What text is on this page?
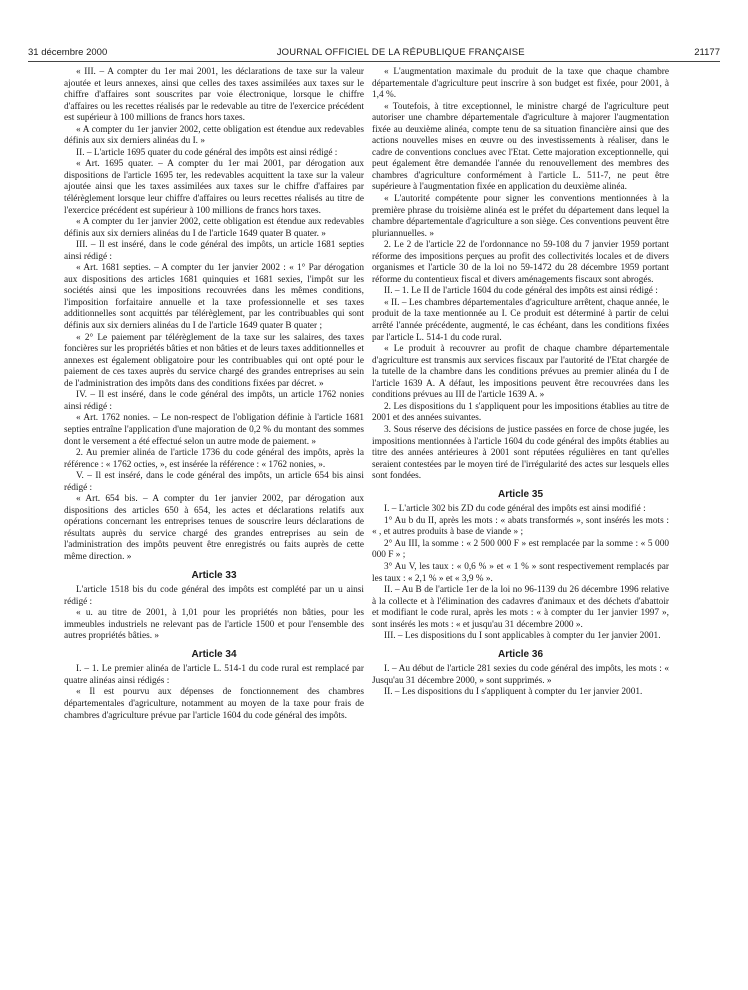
31 décembre 2000	JOURNAL OFFICIEL DE LA RÉPUBLIQUE FRANÇAISE	21177

« III. – A compter du 1er mai 2001, les déclarations de taxe sur la valeur ajoutée et leurs annexes, ainsi que celles des taxes assimilées aux taxes sur le chiffre d'affaires sont souscrites par voie électronique, lorsque le chiffre d'affaires ou les recettes réalisés par le redevable au titre de l'exercice précédent est supérieur à 100 millions de francs hors taxes.

« A compter du 1er janvier 2002, cette obligation est étendue aux redevables définis aux six derniers alinéas du I. »

II. – L'article 1695 quater du code général des impôts est ainsi rédigé :

« Art. 1695 quater. – A compter du 1er mai 2001, par dérogation aux dispositions de l'article 1695 ter, les redevables acquittent la taxe sur la valeur ajoutée ainsi que les taxes assimilées aux taxes sur le chiffre d'affaires par télérèglement lorsque leur chiffre d'affaires ou leurs recettes réalisés au titre de l'exercice précédent est supérieur à 100 millions de francs hors taxes.

« A compter du 1er janvier 2002, cette obligation est étendue aux redevables définis aux six derniers alinéas du I de l'article 1649 quater B quater. »

III. – Il est inséré, dans le code général des impôts, un article 1681 septies ainsi rédigé :

« Art. 1681 septies. – A compter du 1er janvier 2002 : « 1° Par dérogation aux dispositions des articles 1681 quinquies et 1681 sexies, l'impôt sur les sociétés ainsi que les impositions recouvrées dans les mêmes conditions, l'imposition forfaitaire annuelle et la taxe professionnelle et ses taxes additionnelles sont acquittés par télérèglement, par les contribuables qui sont définis aux six derniers alinéas du I de l'article 1649 quater B quater ;

« 2° Le paiement par télérèglement de la taxe sur les salaires, des taxes foncières sur les propriétés bâties et non bâties et de leurs taxes additionnelles et annexes est également obligatoire pour les contribuables qui ont opté pour le paiement de ces taxes auprès du service chargé des grandes entreprises au sein de l'administration des impôts dans des conditions fixées par décret. »

IV. – Il est inséré, dans le code général des impôts, un article 1762 nonies ainsi rédigé :

« Art. 1762 nonies. – Le non-respect de l'obligation définie à l'article 1681 septies entraîne l'application d'une majoration de 0,2 % du montant des sommes dont le versement a été effectué selon un autre mode de paiement. »

2. Au premier alinéa de l'article 1736 du code général des impôts, après la référence : « 1762 octies, », est insérée la référence : « 1762 nonies, ».

V. – Il est inséré, dans le code général des impôts, un article 654 bis ainsi rédigé :

« Art. 654 bis. – A compter du 1er janvier 2002, par dérogation aux dispositions des articles 650 à 654, les actes et déclarations relatifs aux opérations concernant les entreprises tenues de souscrire leurs déclarations de résultats auprès du service chargé des grandes entreprises au sein de l'administration des impôts peuvent être enregistrés ou faits auprès de cette même direction. »

Article 33

L'article 1518 bis du code général des impôts est complété par un u ainsi rédigé :

« u. au titre de 2001, à 1,01 pour les propriétés non bâties, pour les immeubles industriels ne relevant pas de l'article 1500 et pour l'ensemble des autres propriétés bâties. »

Article 34

I. – 1. Le premier alinéa de l'article L. 514-1 du code rural est remplacé par quatre alinéas ainsi rédigés :

« Il est pourvu aux dépenses de fonctionnement des chambres départementales d'agriculture, notamment au moyen de la taxe pour frais de chambres d'agriculture prévue par l'article 1604 du code général des impôts.

« L'augmentation maximale du produit de la taxe que chaque chambre départementale d'agriculture peut inscrire à son budget est fixée, pour 2001, à 1,4 %.

« Toutefois, à titre exceptionnel, le ministre chargé de l'agriculture peut autoriser une chambre départementale d'agriculture à majorer l'augmentation fixée au deuxième alinéa, compte tenu de sa situation financière ainsi que des actions nouvelles mises en œuvre ou des investissements à réaliser, dans le cadre de conventions conclues avec l'Etat. Cette majoration exceptionnelle, qui peut également être demandée l'année du renouvellement des membres des chambres d'agriculture conformément à l'article L. 511-7, ne peut être supérieure à l'augmentation fixée en application du deuxième alinéa.

« L'autorité compétente pour signer les conventions mentionnées à la première phrase du troisième alinéa est le préfet du département dans lequel la chambre départementale d'agriculture a son siège. Ces conventions peuvent être pluriannuelles. »

2. Le 2 de l'article 22 de l'ordonnance no 59-108 du 7 janvier 1959 portant réforme des impositions perçues au profit des collectivités locales et de divers organismes et l'article 30 de la loi no 59-1472 du 28 décembre 1959 portant réforme du contentieux fiscal et divers aménagements fiscaux sont abrogés.

II. – 1. Le II de l'article 1604 du code général des impôts est ainsi rédigé :

« II. – Les chambres départementales d'agriculture arrêtent, chaque année, le produit de la taxe mentionnée au I. Ce produit est déterminé à partir de celui arrêté l'année précédente, augmenté, le cas échéant, dans les conditions fixées par l'article L. 514-1 du code rural.

« Le produit à recouvrer au profit de chaque chambre départementale d'agriculture est transmis aux services fiscaux par l'autorité de l'Etat chargée de la tutelle de la chambre dans les conditions prévues au premier alinéa du I de l'article 1639 A. A défaut, les impositions peuvent être recouvrées dans les conditions prévues au III de l'article 1639 A. »

2. Les dispositions du 1 s'appliquent pour les impositions établies au titre de 2001 et des années suivantes.

3. Sous réserve des décisions de justice passées en force de chose jugée, les impositions mentionnées à l'article 1604 du code général des impôts établies au titre des années antérieures à 2001 sont réputées régulières en tant qu'elles seraient contestées par le moyen tiré de l'irrégularité des actes sur lesquels elles sont fondées.

Article 35

I. – L'article 302 bis ZD du code général des impôts est ainsi modifié :

1° Au b du II, après les mots : « abats transformés », sont insérés les mots : « , et autres produits à base de viande » ;

2° Au III, la somme : « 2 500 000 F » est remplacée par la somme : « 5 000 000 F » ;

3° Au V, les taux : « 0,6 % » et « 1 % » sont respectivement remplacés par les taux : « 2,1 % » et « 3,9 % ».

II. – Au B de l'article 1er de la loi no 96-1139 du 26 décembre 1996 relative à la collecte et à l'élimination des cadavres d'animaux et des déchets d'abattoir et modifiant le code rural, après les mots : « à compter du 1er janvier 1997 », sont insérés les mots : « et jusqu'au 31 décembre 2000 ».

III. – Les dispositions du I sont applicables à compter du 1er janvier 2001.

Article 36

I. – Au début de l'article 281 sexies du code général des impôts, les mots : « Jusqu'au 31 décembre 2000, » sont supprimés. »

II. – Les dispositions du I s'appliquent à compter du 1er janvier 2001.
